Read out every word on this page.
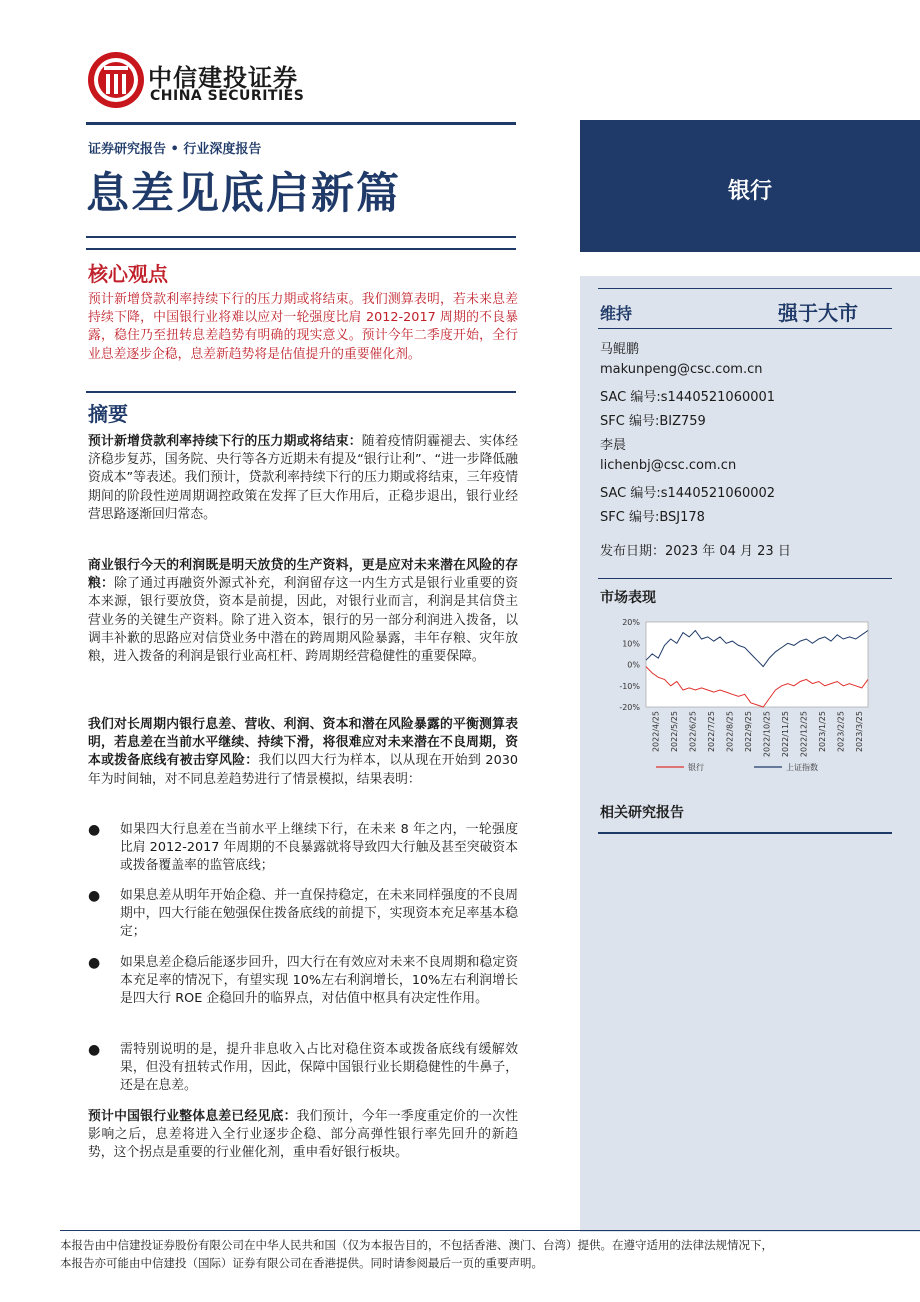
中信建投证券
CHINA SECURITIES
证券研究报告 • 行业深度报告
息差见底启新篇
核心观点
预计新增贷款利率持续下行的压力期或将结束。我们测算表明，若未来息差持续下降，中国银行业将难以应对一轮强度比肩 2012-2017 周期的不良暴露，稳住乃至扭转息差趋势有明确的现实意义。预计今年二季度开始，全行业息差逐步企稳，息差新趋势将是估值提升的重要催化剂。
摘要
预计新增贷款利率持续下行的压力期或将结束：随着疫情阴霾褪去、实体经济稳步复苏，国务院、央行等各方近期未有提及“银行让利”、“进一步降低融资成本”等表述。我们预计，贷款利率持续下行的压力期或将结束，三年疫情期间的阶段性逆周期调控政策在发挥了巨大作用后，正稳步退出，银行业经营思路逐渐回归常态。
商业银行今天的利润既是明天放贷的生产资料，更是应对未来潜在风险的存粮：除了通过再融资外源式补充，利润留存这一内生方式是银行业重要的资本来源，银行要放贷，资本是前提，因此，对银行业而言，利润是其信贷主营业务的关键生产资料。除了进入资本，银行的另一部分利润进入拨备，以调丰补歉的思路应对信贷业务中潜在的跨周期风险暴露，丰年存粮、灾年放粮，进入拨备的利润是银行业高杠杆、跨周期经营稳健性的重要保障。
我们对长周期内银行息差、营收、利润、资本和潜在风险暴露的平衡测算表明，若息差在当前水平继续、持续下滑，将很难应对未来潜在不良周期，资本或拨备底线有被击穿风险：我们以四大行为样本，以从现在开始到 2030 年为时间轴，对不同息差趋势进行了情景模拟，结果表明：
● 如果四大行息差在当前水平上继续下行，在未来 8 年之内，一轮强度比肩 2012-2017 年周期的不良暴露就将导致四大行触及甚至突破资本或拨备覆盖率的监管底线；
● 如果息差从明年开始企稳、并一直保持稳定，在未来同样强度的不良周期中，四大行能在勉强保住拨备底线的前提下，实现资本充足率基本稳定；
● 如果息差企稳后能逐步回升，四大行在有效应对未来不良周期和稳定资本充足率的情况下，有望实现 10%左右利润增长，10%左右利润增长是四大行 ROE 企稳回升的临界点，对估值中枢具有决定性作用。
● 需特别说明的是，提升非息收入占比对稳住资本或拨备底线有缓解效果，但没有扭转式作用，因此，保障中国银行业长期稳健性的牛鼻子，还是在息差。
预计中国银行业整体息差已经见底：我们预计，今年一季度重定价的一次性影响之后，息差将进入全行业逐步企稳、部分高弹性银行率先回升的新趋势，这个拐点是重要的行业催化剂，重申看好银行板块。
银行
维持	强于大市
马鲲鹏
makunpeng@csc.com.cn
SAC 编号:s1440521060001
SFC 编号:BIZ759
李晨
lichenbj@csc.com.cn
SAC 编号:s1440521060002
SFC 编号:BSJ178
发布日期：2023 年 04 月 23 日
市场表现
2022/4/25 2022/5/25 2022/6/25 2022/7/25 2022/8/25 2022/9/25 2022/10/25 2022/11/25 2022/12/25 2023/1/25 2023/2/25 2023/3/25
20%
10%
0%
-10%
-20%
银行	上证指数
相关研究报告
本报告由中信建投证券股份有限公司在中华人民共和国（仅为本报告目的，不包括香港、澳门、台湾）提供。在遵守适用的法律法规情况下，
本报告亦可能由中信建投（国际）证券有限公司在香港提供。同时请参阅最后一页的重要声明。
